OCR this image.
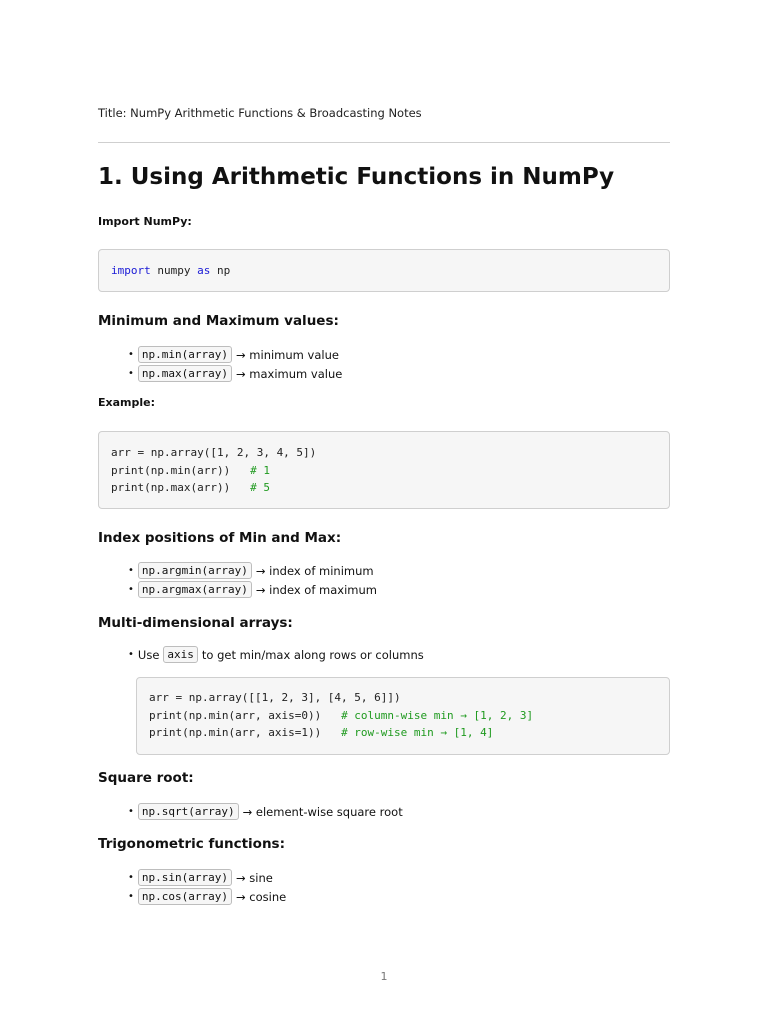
Title: NumPy Arithmetic Functions & Broadcasting Notes
1. Using Arithmetic Functions in NumPy
Import NumPy:
import numpy as np
Minimum and Maximum values:
• np.min(array) → minimum value
• np.max(array) → maximum value
Example:
arr = np.array([1, 2, 3, 4, 5])
print(np.min(arr))   # 1
print(np.max(arr))   # 5
Index positions of Min and Max:
• np.argmin(array) → index of minimum
• np.argmax(array) → index of maximum
Multi-dimensional arrays:
• Use axis to get min/max along rows or columns
arr = np.array([[1, 2, 3], [4, 5, 6]])
print(np.min(arr, axis=0))   # column-wise min → [1, 2, 3]
print(np.min(arr, axis=1))   # row-wise min → [1, 4]
Square root:
• np.sqrt(array) → element-wise square root
Trigonometric functions:
• np.sin(array) → sine
• np.cos(array) → cosine
1
